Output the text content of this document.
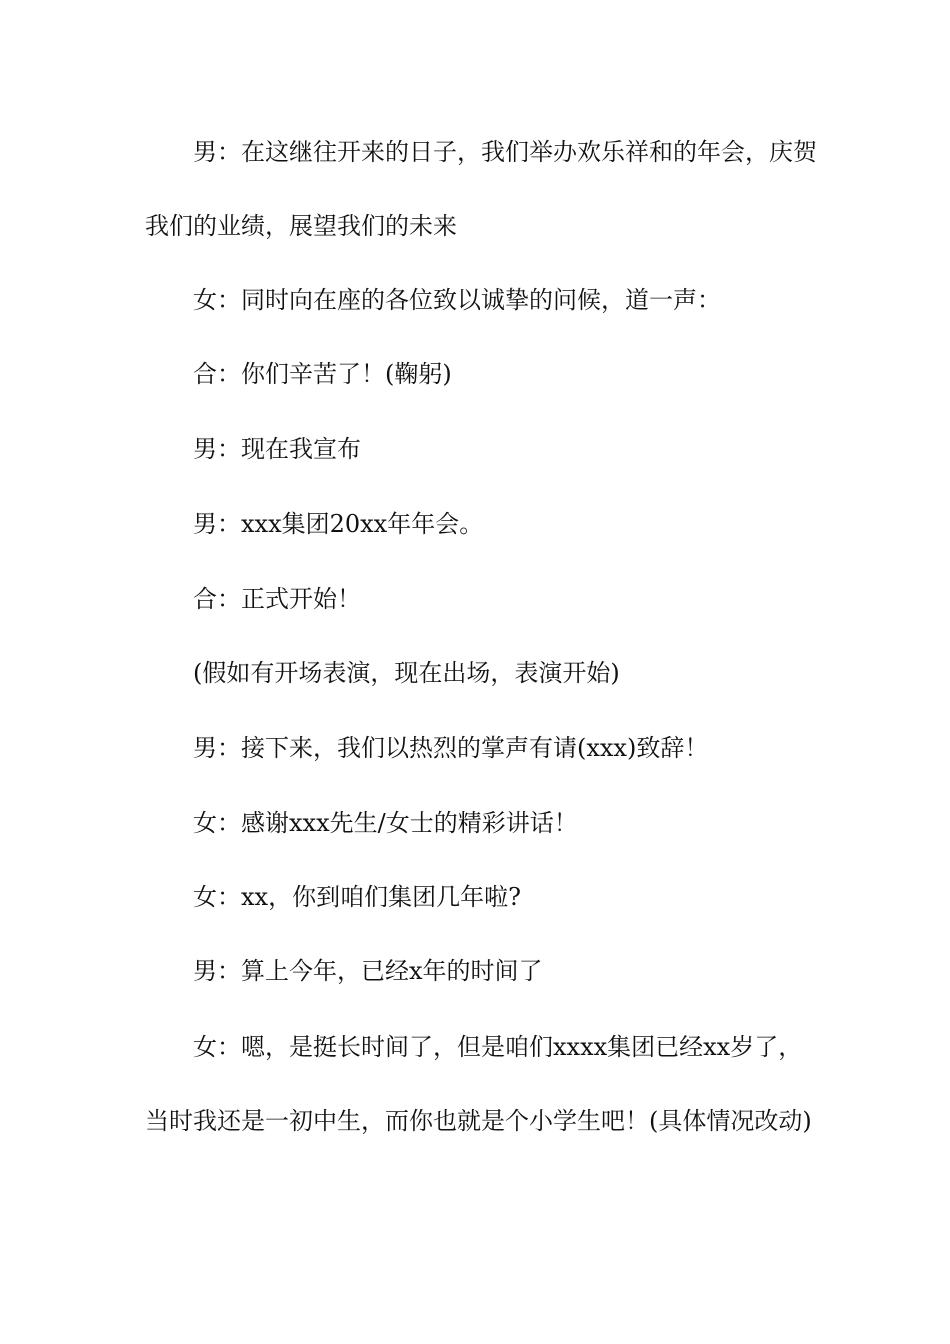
男：在这继往开来的日子，我们举办欢乐祥和的年会，庆贺我们的业绩，展望我们的未来

女：同时向在座的各位致以诚挚的问候，道一声：

合：你们辛苦了！(鞠躬)

男：现在我宣布

男：xxx集团20xx年年会。

合：正式开始！

(假如有开场表演，现在出场，表演开始)

男：接下来，我们以热烈的掌声有请(xxx)致辞！

女：感谢xxx先生/女士的精彩讲话！

女：xx，你到咱们集团几年啦?

男：算上今年，已经x年的时间了

女：嗯，是挺长时间了，但是咱们xxxx集团已经xx岁了，当时我还是一初中生，而你也就是个小学生吧！(具体情况改动)
